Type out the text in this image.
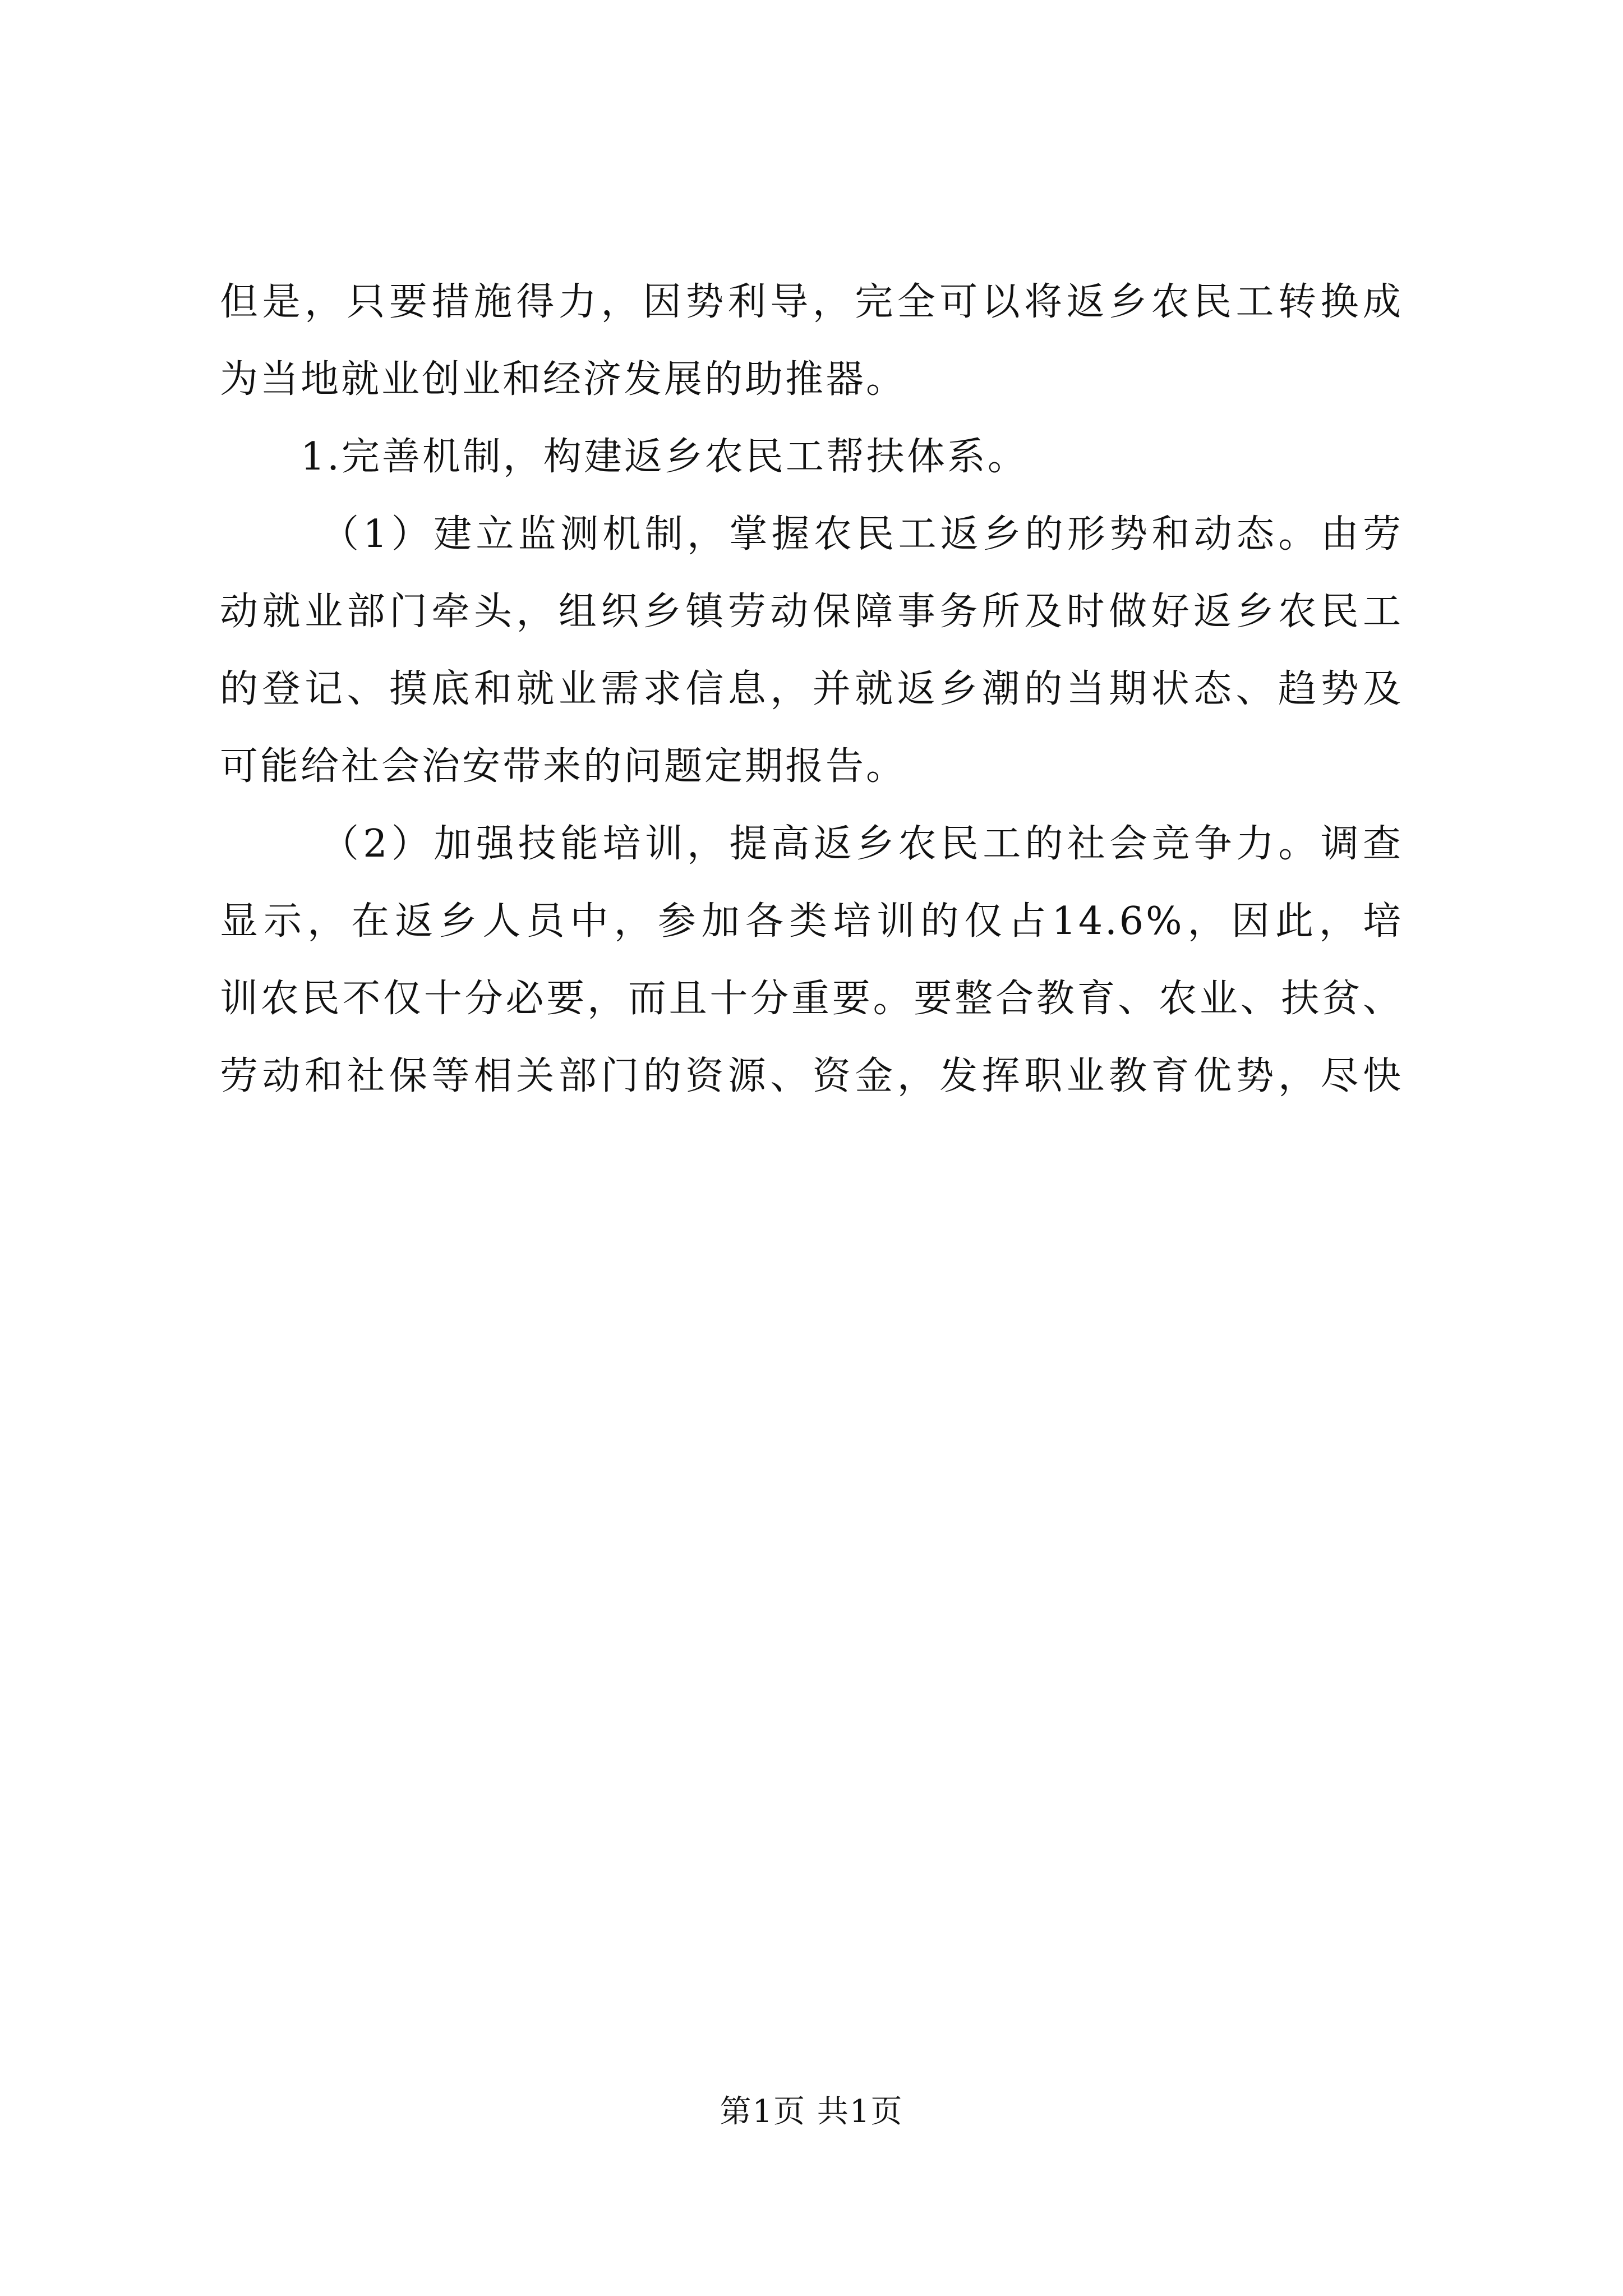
但是，只要措施得力，因势利导，完全可以将返乡农民工转换成
为当地就业创业和经济发展的助推器。
1.完善机制，构建返乡农民工帮扶体系。
（1）建立监测机制，掌握农民工返乡的形势和动态。由劳
动就业部门牵头，组织乡镇劳动保障事务所及时做好返乡农民工
的登记、摸底和就业需求信息，并就返乡潮的当期状态、趋势及
可能给社会治安带来的问题定期报告。
（2）加强技能培训，提高返乡农民工的社会竞争力。调查
显示，在返乡人员中，参加各类培训的仅占14.6%，因此，培
训农民不仅十分必要，而且十分重要。要整合教育、农业、扶贫、
劳动和社保等相关部门的资源、资金，发挥职业教育优势，尽快
第1页 共1页
